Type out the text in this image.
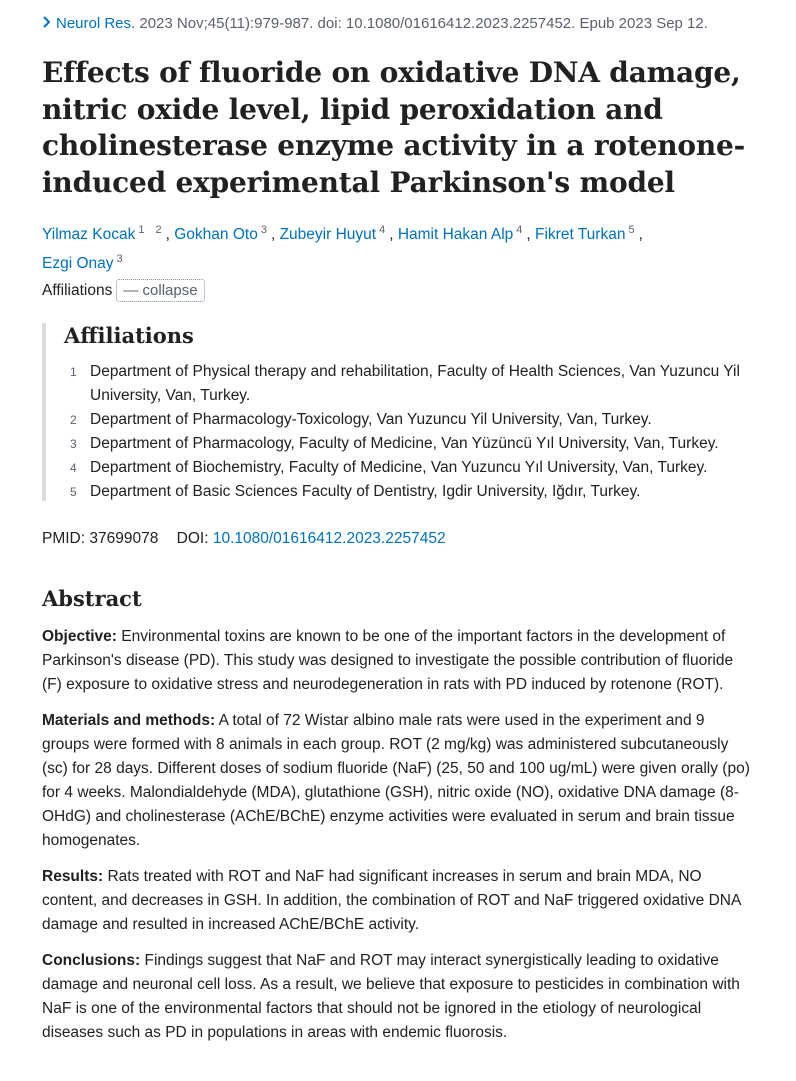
Neurol Res. 2023 Nov;45(11):979-987. doi: 10.1080/01616412.2023.2257452. Epub 2023 Sep 12.
Effects of fluoride on oxidative DNA damage, nitric oxide level, lipid peroxidation and cholinesterase enzyme activity in a rotenone-induced experimental Parkinson's model
Yilmaz Kocak $^{1 2}$, Gokhan Oto $^3$, Zubeyir Huyut $^4$, Hamit Hakan Alp $^4$, Fikret Turkan $^5$,
Ezgi Onay $^3$
Affiliations — collapse
Affiliations
1 Department of Physical therapy and rehabilitation, Faculty of Health Sciences, Van Yuzuncu Yil University, Van, Turkey.
2 Department of Pharmacology-Toxicology, Van Yuzuncu Yil University, Van, Turkey.
3 Department of Pharmacology, Faculty of Medicine, Van Yüzüncü Yıl University, Van, Turkey.
4 Department of Biochemistry, Faculty of Medicine, Van Yuzuncu Yıl University, Van, Turkey.
5 Department of Basic Sciences Faculty of Dentistry, Igdir University, Iğdır, Turkey.
PMID: 37699078 DOI: 10.1080/01616412.2023.2257452
Abstract

Objective: Environmental toxins are known to be one of the important factors in the development of Parkinson's disease (PD). This study was designed to investigate the possible contribution of fluoride (F) exposure to oxidative stress and neurodegeneration in rats with PD induced by rotenone (ROT).

Materials and methods: A total of 72 Wistar albino male rats were used in the experiment and 9 groups were formed with 8 animals in each group. ROT (2 mg/kg) was administered subcutaneously (sc) for 28 days. Different doses of sodium fluoride (NaF) (25, 50 and 100 ug/mL) were given orally (po) for 4 weeks. Malondialdehyde (MDA), glutathione (GSH), nitric oxide (NO), oxidative DNA damage (8-OHdG) and cholinesterase (AChE/BChE) enzyme activities were evaluated in serum and brain tissue homogenates.

Results: Rats treated with ROT and NaF had significant increases in serum and brain MDA, NO content, and decreases in GSH. In addition, the combination of ROT and NaF triggered oxidative DNA damage and resulted in increased AChE/BChE activity.

Conclusions: Findings suggest that NaF and ROT may interact synergistically leading to oxidative damage and neuronal cell loss. As a result, we believe that exposure to pesticides in combination with NaF is one of the environmental factors that should not be ignored in the etiology of neurological diseases such as PD in populations in areas with endemic fluorosis.
